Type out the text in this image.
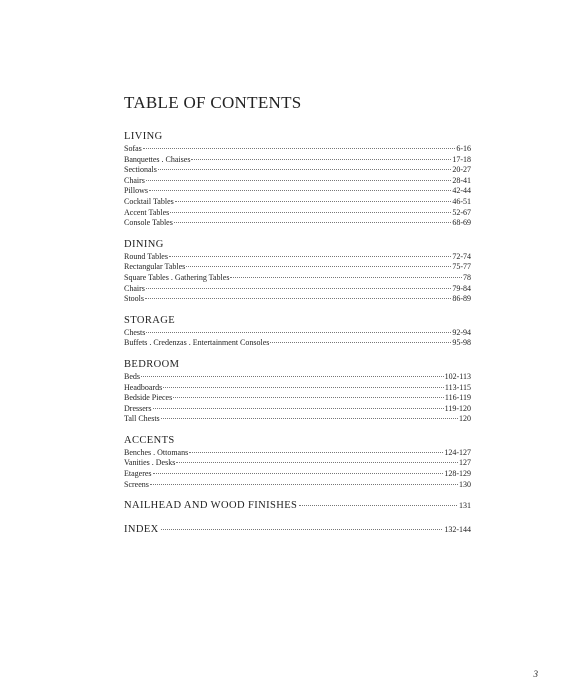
TABLE OF CONTENTS
LIVING
Sofas	6-16
Banquettes . Chaises	17-18
Sectionals	20-27
Chairs	28-41
Pillows	42-44
Cocktail Tables	46-51
Accent Tables	52-67
Console Tables	68-69
DINING
Round Tables	72-74
Rectangular Tables	75-77
Square Tables . Gathering Tables	78
Chairs	79-84
Stools	86-89
STORAGE
Chests	92-94
Buffets . Credenzas . Entertainment Consoles	95-98
BEDROOM
Beds	102-113
Headboards	113-115
Bedside Pieces	116-119
Dressers	119-120
Tall Chests	120
ACCENTS
Benches . Ottomans	124-127
Vanities . Desks	127
Etageres	128-129
Screens	130
NAILHEAD AND WOOD FINISHES	131
INDEX	132-144
3
